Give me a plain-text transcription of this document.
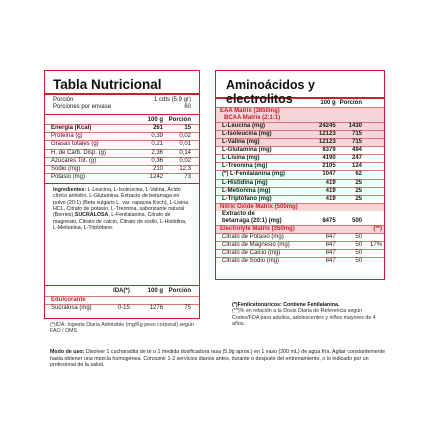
Tabla Nutricional
Porción	1 cdts (5,9 gr)
Porciones por envase	60
	100 g	Porción
Energía (Kcal)	261	15
Proteína (g)	0,39	0,02
Grasas totales (g)	0,21	0,01
H. de Carb. Disp. (g)	2,36	0,14
Azúcares Tot. (g)	0,36	0,02
Sodio (mg)	210	12,3
Potasio (mg)	1242	73
Ingredientes: L-Leucina, L-Isoleucina, L-Valina, Ácido cítrico anhidro, L-Glutamina, Extracto de betarraga en polvo (20:1) (Beta vulgaris L. var. rapacea Koch), L-Lisina HCL, Citrato de potasio, L-Treonina, saborizante natural (Berries),SUCRALOSA, L-Fenilalanina, Citrato de magnesio, Citrato de calcio, Citrato de sodio, L-Histidina, L-Metionina, L-Triptófano.
	IDA(*)	100 g	Porción
Edulcorante			
Sucralosa (mg)	0-15	1276	75
(*)IDA: Ingesta Diaria Admisible (mg/Kg peso corporal) según FAO / OMS
Aminoácidos y electrolitos
		100 g	Porción	
EAA Matrix (3850mg)			
BCAA Matrix (2:1:1)			
L-Leucina (mg)	24245	1430	
L-Isoleucina (mg)	12123	715	
L-Valina (mg)	12123	715	
L-Glutamina (mg)	8379	494	
L-Lisina (mg)	4190	247	
L-Treonina (mg)	2105	124	
(*) L-Fenilalanina (mg)	1047	62	
L-Histidina (mg)	419	25	
L-Metionina (mg)	419	25	
L-Triptófano (mg)	419	25	
Nitric Oxide Matrix (500mg)			
Extracto de			
betarraga (20:1) (mg)	8475	500	
Electrolyte Matrix (350mg)			(**)
Citrato de Potasio (mg)	847	50	
Citrato de Magnesio (mg)	847	50	17%
Citrato de Calcio (mg)	847	50	
Citrato de Sodio (mg)	847	50	
(*)Fenilcetonúricos: Contiene Fenilalanina.
(**)% en relación a la Dosis Diaria de Referencia según Codex/FDA para adultos, adolescentes y niños mayores de 4 años.
Modo de uso: Disolver 1 cucharadita de té o 1 medida dosificadora rasa (5,9g aprox.) en 1 vaso (200 mL) de agua fría. Agitar constantemente hasta obtener una mezcla homogénea. Consumir 1-2 servicios diarios antes, durante o después del entrenamiento, o lo indicado por un profesional de la salud.
